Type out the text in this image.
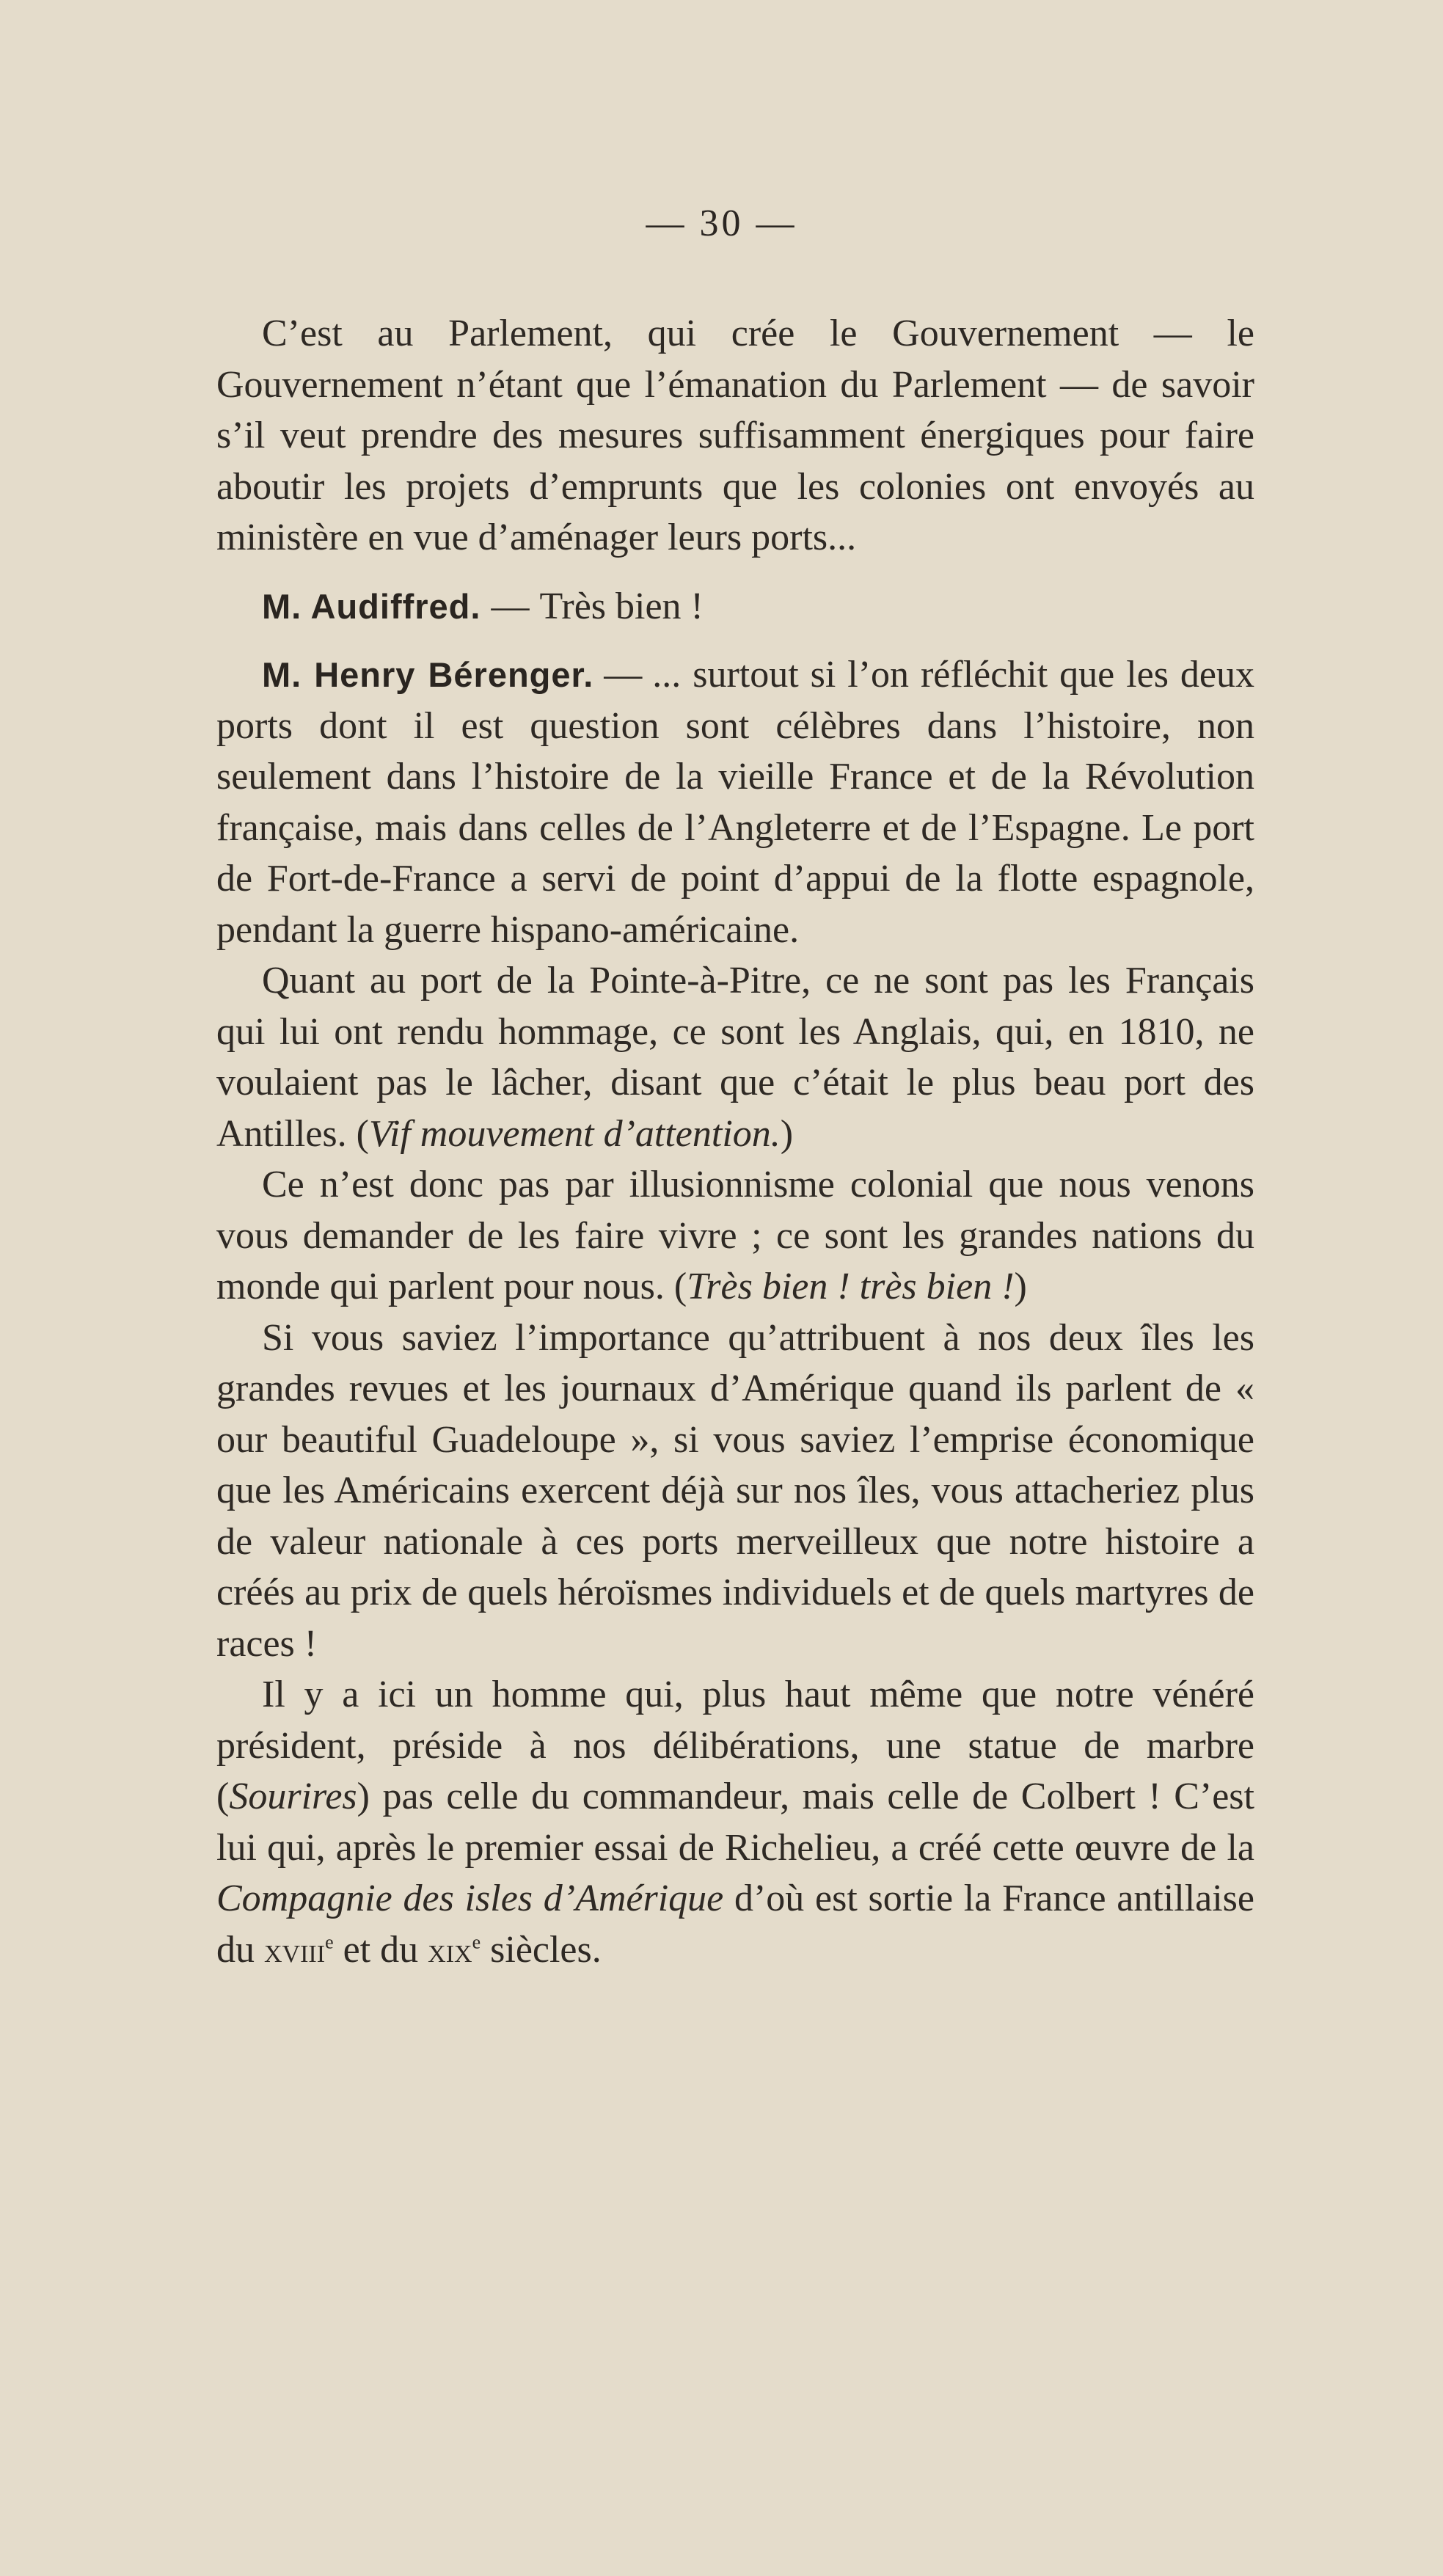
— 30 —

C’est au Parlement, qui crée le Gouvernement — le Gouvernement n’étant que l’émanation du Parlement — de savoir s’il veut prendre des mesures suffisamment énergiques pour faire aboutir les projets d’emprunts que les colonies ont envoyés au ministère en vue d’aménager leurs ports...

M. Audiffred. — Très bien !

M. Henry Bérenger. — ... surtout si l’on réfléchit que les deux ports dont il est question sont célèbres dans l’histoire, non seulement dans l’histoire de la vieille France et de la Révolution française, mais dans celles de l’Angleterre et de l’Espagne. Le port de Fort-de-France a servi de point d’appui de la flotte espagnole, pendant la guerre hispano-américaine.

Quant au port de la Pointe-à-Pitre, ce ne sont pas les Français qui lui ont rendu hommage, ce sont les Anglais, qui, en 1810, ne voulaient pas le lâcher, disant que c’était le plus beau port des Antilles. (Vif mouvement d’attention.)

Ce n’est donc pas par illusionnisme colonial que nous venons vous demander de les faire vivre ; ce sont les grandes nations du monde qui parlent pour nous. (Très bien ! très bien !)

Si vous saviez l’importance qu’attribuent à nos deux îles les grandes revues et les journaux d’Amérique quand ils parlent de « our beautiful Guadeloupe », si vous saviez l’emprise économique que les Américains exercent déjà sur nos îles, vous attacheriez plus de valeur nationale à ces ports merveilleux que notre histoire a créés au prix de quels héroïsmes individuels et de quels martyres de races !

Il y a ici un homme qui, plus haut même que notre vénéré président, préside à nos délibérations, une statue de marbre (Sourires) pas celle du commandeur, mais celle de Colbert ! C’est lui qui, après le premier essai de Richelieu, a créé cette œuvre de la Compagnie des isles d’Amérique d’où est sortie la France antillaise du xviii$^e$ et du xix$^e$ siècles.
